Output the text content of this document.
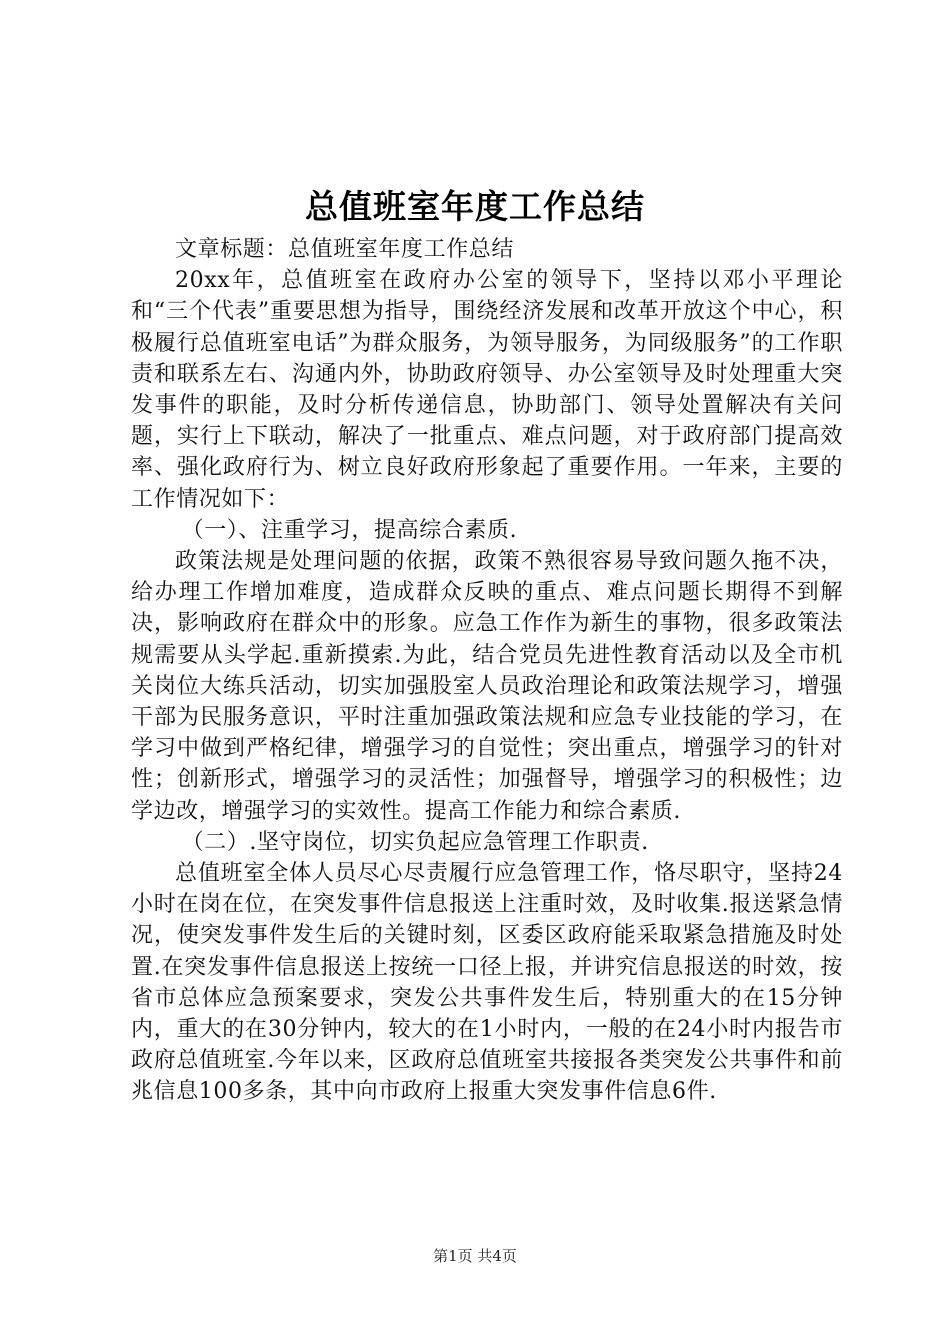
总值班室年度工作总结

文章标题：总值班室年度工作总结

20xx年，总值班室在政府办公室的领导下，坚持以邓小平理论和“三个代表”重要思想为指导，围绕经济发展和改革开放这个中心，积极履行总值班室电话”为群众服务，为领导服务，为同级服务”的工作职责和联系左右、沟通内外，协助政府领导、办公室领导及时处理重大突发事件的职能，及时分析传递信息，协助部门、领导处置解决有关问题，实行上下联动，解决了一批重点、难点问题，对于政府部门提高效率、强化政府行为、树立良好政府形象起了重要作用。一年来，主要的工作情况如下：

（一）、注重学习，提高综合素质.

政策法规是处理问题的依据，政策不熟很容易导致问题久拖不决，给办理工作增加难度，造成群众反映的重点、难点问题长期得不到解决，影响政府在群众中的形象。应急工作作为新生的事物，很多政策法规需要从头学起.重新摸索.为此，结合党员先进性教育活动以及全市机关岗位大练兵活动，切实加强股室人员政治理论和政策法规学习，增强干部为民服务意识，平时注重加强政策法规和应急专业技能的学习，在学习中做到严格纪律，增强学习的自觉性；突出重点，增强学习的针对性；创新形式，增强学习的灵活性；加强督导，增强学习的积极性；边学边改，增强学习的实效性。提高工作能力和综合素质.

（二）.坚守岗位，切实负起应急管理工作职责.

总值班室全体人员尽心尽责履行应急管理工作，恪尽职守，坚持24小时在岗在位，在突发事件信息报送上注重时效，及时收集.报送紧急情况，使突发事件发生后的关键时刻，区委区政府能采取紧急措施及时处置.在突发事件信息报送上按统一口径上报，并讲究信息报送的时效，按省市总体应急预案要求，突发公共事件发生后，特别重大的在15分钟内，重大的在30分钟内，较大的在1小时内，一般的在24小时内报告市政府总值班室.今年以来，区政府总值班室共接报各类突发公共事件和前兆信息100多条，其中向市政府上报重大突发事件信息6件.

第1页 共4页
